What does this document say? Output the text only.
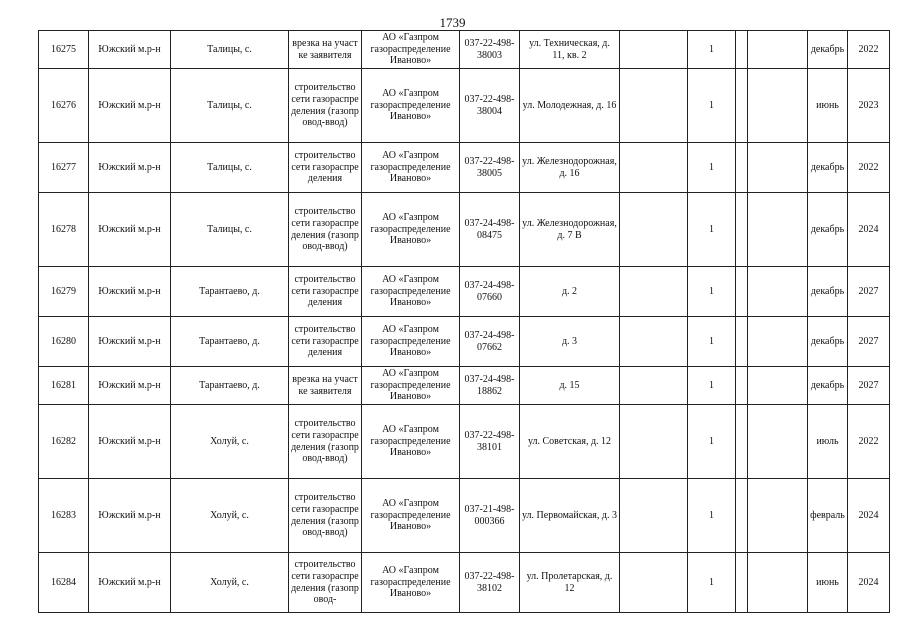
1739
16275	Южский м.р-н	Талицы, с.	врезка на участке заявителя	АО «Газпром газораспределение Иваново»	037-22-498-38003	ул. Техническая, д. 11, кв. 2		1			декабрь	2022
16276	Южский м.р-н	Талицы, с.	строительство сети газораспределения (газопровод-ввод)	АО «Газпром газораспределение Иваново»	037-22-498-38004	ул. Молодежная, д. 16		1			июнь	2023
16277	Южский м.р-н	Талицы, с.	строительство сети газораспределения	АО «Газпром газораспределение Иваново»	037-22-498-38005	ул. Железнодорожная, д. 16		1			декабрь	2022
16278	Южский м.р-н	Талицы, с.	строительство сети газораспределения (газопровод-ввод)	АО «Газпром газораспределение Иваново»	037-24-498-08475	ул. Железнодорожная, д. 7 В		1			декабрь	2024
16279	Южский м.р-н	Тарантаево, д.	строительство сети газораспределения	АО «Газпром газораспределение Иваново»	037-24-498-07660	д. 2		1			декабрь	2027
16280	Южский м.р-н	Тарантаево, д.	строительство сети газораспределения	АО «Газпром газораспределение Иваново»	037-24-498-07662	д. 3		1			декабрь	2027
16281	Южский м.р-н	Тарантаево, д.	врезка на участке заявителя	АО «Газпром газораспределение Иваново»	037-24-498-18862	д. 15		1			декабрь	2027
16282	Южский м.р-н	Холуй, с.	строительство сети газораспределения (газопровод-ввод)	АО «Газпром газораспределение Иваново»	037-22-498-38101	ул. Советская, д. 12		1			июль	2022
16283	Южский м.р-н	Холуй, с.	строительство сети газораспределения (газопровод-ввод)	АО «Газпром газораспределение Иваново»	037-21-498-000366	ул. Первомайская, д. 3		1			февраль	2024
16284	Южский м.р-н	Холуй, с.	строительство сети газораспределения (газопровод-	АО «Газпром газораспределение Иваново»	037-22-498-38102	ул. Пролетарская, д. 12		1			июнь	2024
